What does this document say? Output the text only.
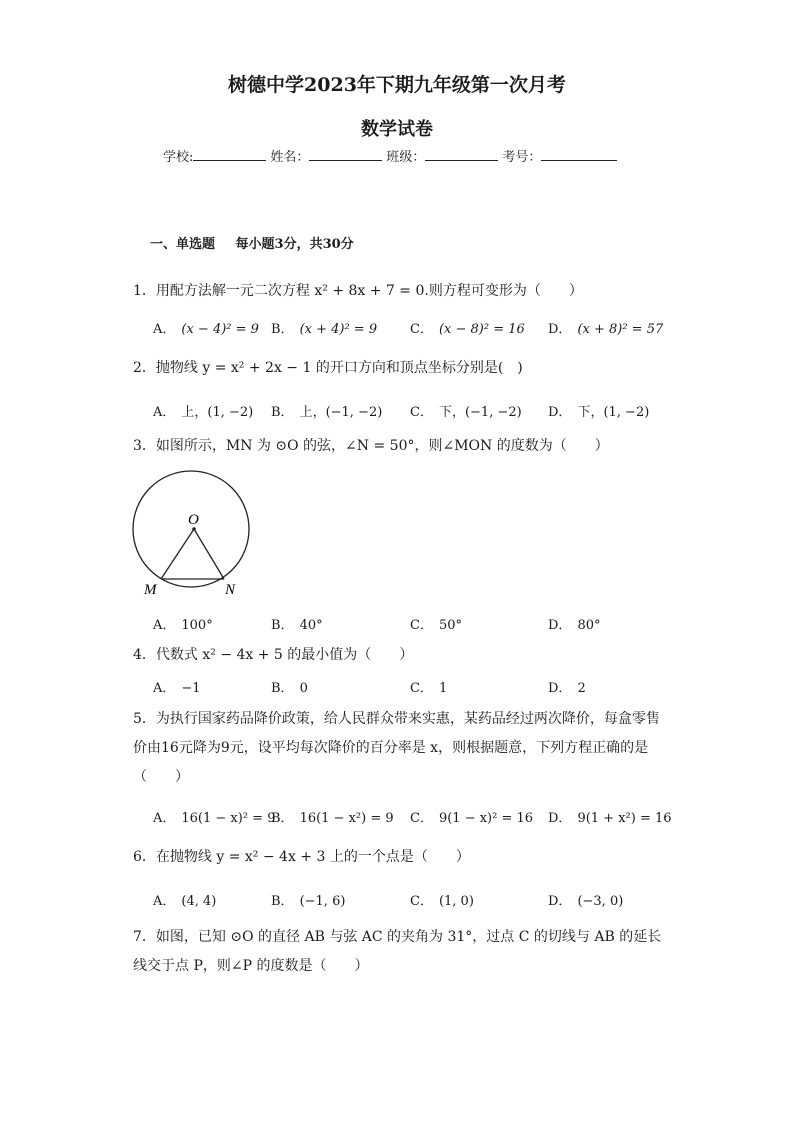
树德中学2023年下期九年级第一次月考
数学试卷
学校:	姓名：	班级：	考号：
一、单选题 每小题3分，共30分
1．用配方法解一元二次方程 x² + 8x + 7 = 0.则方程可变形为（　　）
A． (x − 4)² = 9 B． (x + 4)² = 9	C． (x − 8)² = 16 D． (x + 8)² = 57
2．抛物线 y = x² + 2x − 1 的开口方向和顶点坐标分别是(　)
A． 上，(1, −2) B． 上，(−1, −2) C． 下，(−1, −2) D． 下，(1, −2)
3．如图所示，MN 为 ⊙O 的弦，∠N = 50°，则∠MON 的度数为（　　）
O
M	N
A． 100°	B． 40°	C． 50°	D． 80°
4．代数式 x² − 4x + 5 的最小值为（　　）
A． −1	B． 0	C． 1	D． 2
5．为执行国家药品降价政策，给人民群众带来实惠，某药品经过两次降价，每盒零售价由16元降为9元，设平均每次降价的百分率是 x，则根据题意，下列方程正确的是（　　）
A． 16(1 − x)² = 9
B． 16(1 − x²) = 9 C． 9(1 − x)² = 16 D． 9(1 + x²) = 16
6．在抛物线 y = x² − 4x + 3 上的一个点是（　　）
A． (4, 4)	B． (−1, 6)	C． (1, 0)	D． (−3, 0)
7．如图，已知 ⊙O 的直径 AB 与弦 AC 的夹角为 31°，过点 C 的切线与 AB 的延长线交于点 P，则∠P 的度数是（　　）
